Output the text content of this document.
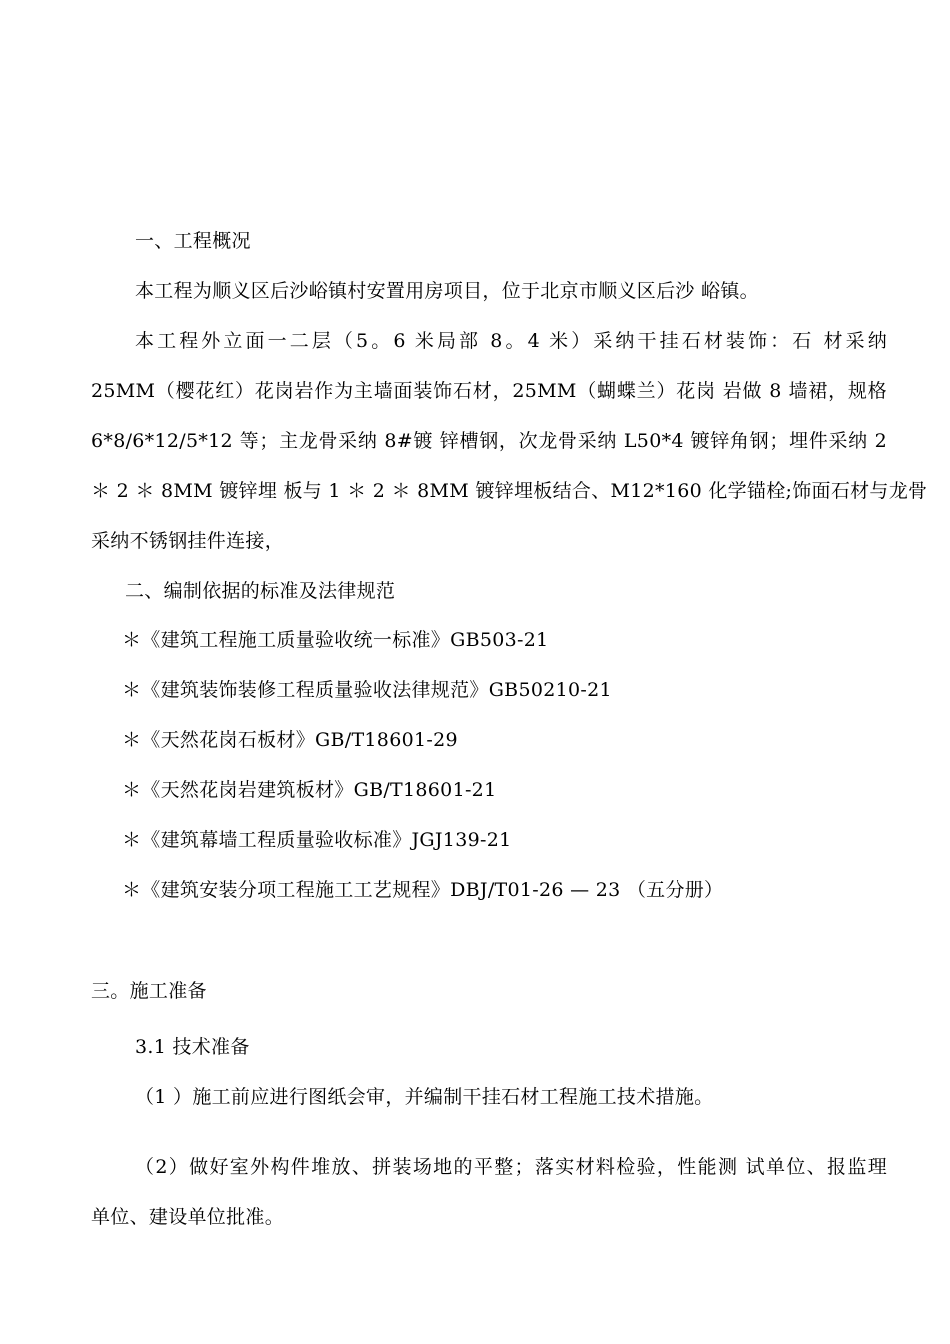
一、工程概况
本工程为顺义区后沙峪镇村安置用房项目，位于北京市顺义区后沙 峪镇。
本工程外立面一二层（5。6 米局部 8。4 米）采纳干挂石材装饰：石 材采纳
25MM（樱花红）花岗岩作为主墙面装饰石材，25MM（蝴蝶兰）花岗 岩做 8 墙裙，规格
6*8/6*12/5*12 等；主龙骨采纳 8#镀 锌槽钢，次龙骨采纳 L50*4 镀锌角钢；埋件采纳 2
＊ 2 ＊ 8MM 镀锌埋 板与 1 ＊ 2 ＊ 8MM 镀锌埋板结合、M12*160 化学锚栓;饰面石材与龙骨
采纳不锈钢挂件连接，
二、编制依据的标准及法律规范
＊《建筑工程施工质量验收统一标准》GB503-21
＊《建筑装饰装修工程质量验收法律规范》GB50210-21
＊《天然花岗石板材》GB/T18601-29
＊《天然花岗岩建筑板材》GB/T18601-21
＊《建筑幕墙工程质量验收标准》JGJ139-21
＊《建筑安装分项工程施工工艺规程》DBJ/T01-26 — 23 （五分册）
三。施工准备
3.1 技术准备
（1 ）施工前应进行图纸会审，并编制干挂石材工程施工技术措施。
（2）做好室外构件堆放、拼装场地的平整；落实材料检验，性能测 试单位、报监理
单位、建设单位批准。
